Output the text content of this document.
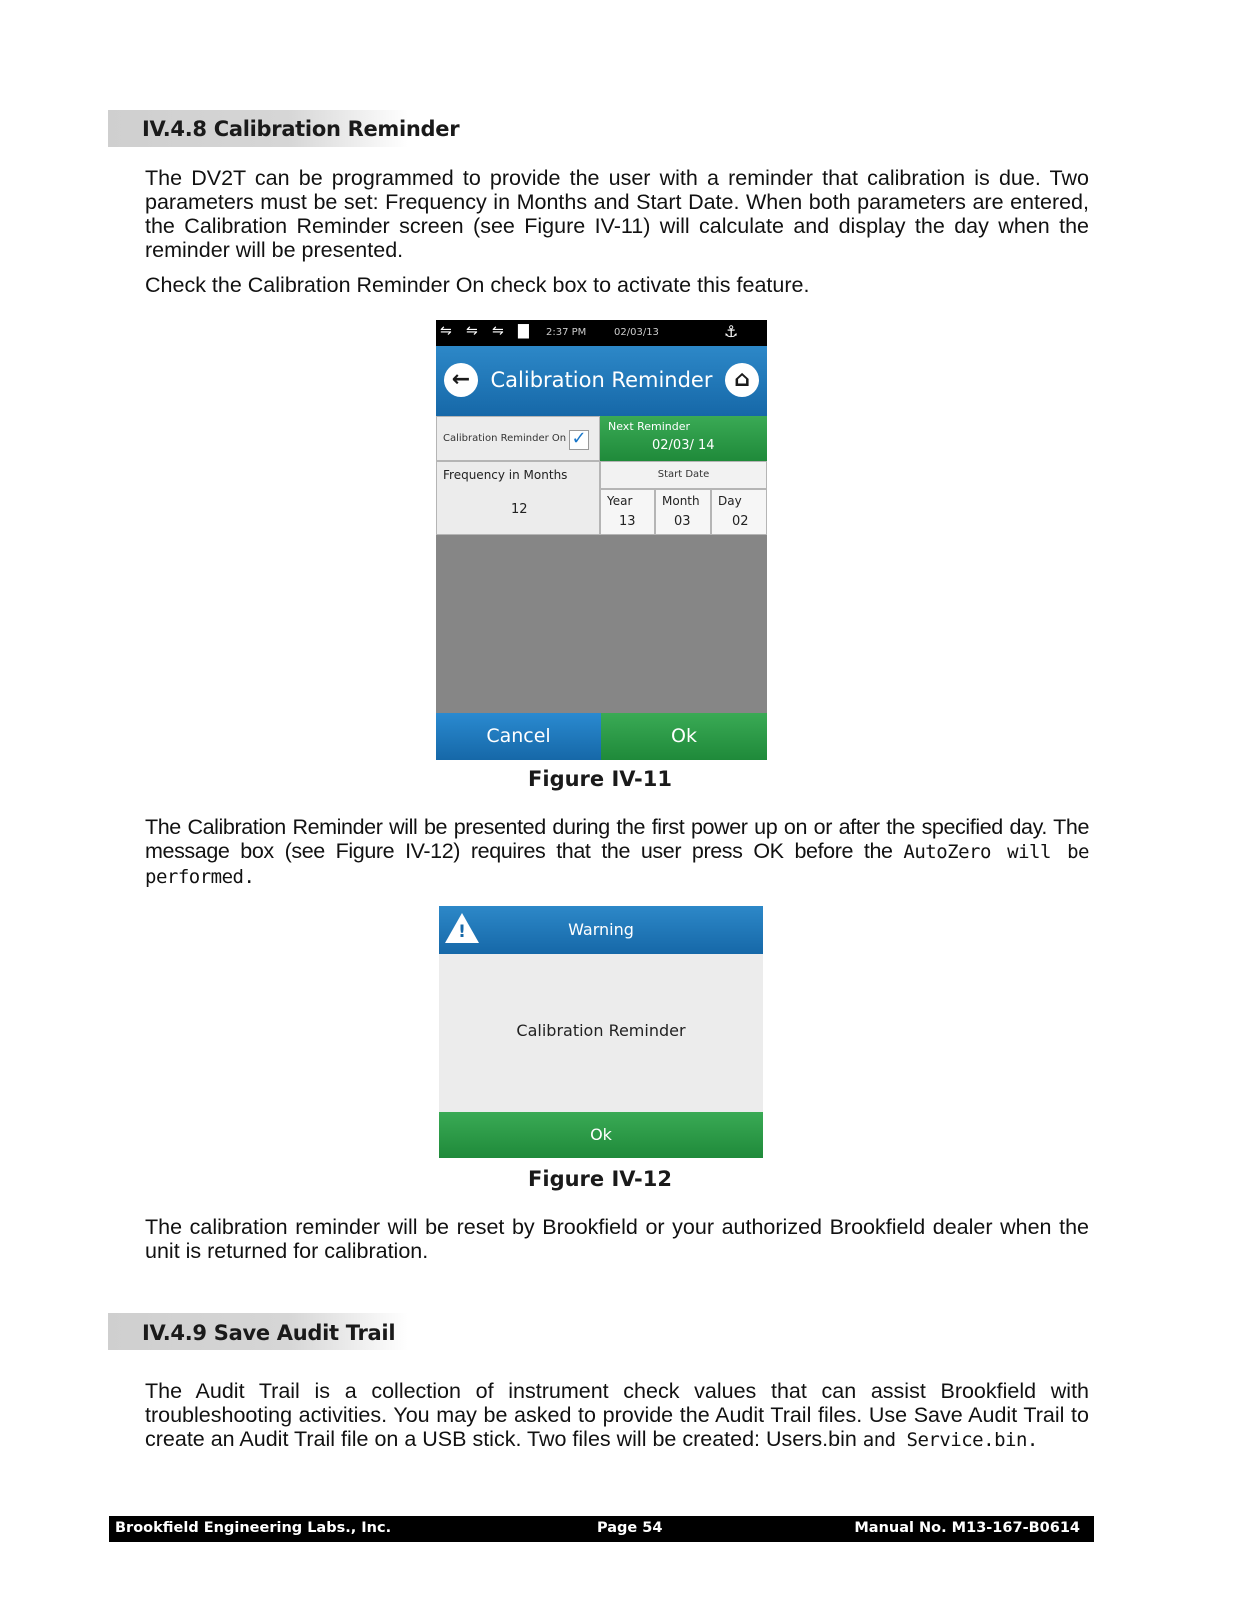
IV.4.8 Calibration Reminder

The DV2T can be programmed to provide the user with a reminder that calibration is due. Two parameters must be set: Frequency in Months and Start Date. When both parameters are entered, the Calibration Reminder screen (see Figure IV-11) will calculate and display the day when the reminder will be presented.

Check the Calibration Reminder On check box to activate this feature.

⇋ ⇋ ⇋ ▇ 2:37 PM	02/03/13	⚓
← Calibration Reminder ⌂
Calibration Reminder On ✓
Next Reminder
02/03/ 14
Frequency in Months
12
Start Date
Year
13
Month
03
Day
02
Cancel	Ok
Figure IV-11

The Calibration Reminder will be presented during the first power up on or after the specified day. The message box (see Figure IV-12) requires that the user press OK before the AutoZero will be performed.

!	Warning
Calibration Reminder
Ok
Figure IV-12

The calibration reminder will be reset by Brookfield or your authorized Brookfield dealer when the unit is returned for calibration.

IV.4.9 Save Audit Trail

The Audit Trail is a collection of instrument check values that can assist Brookfield with troubleshooting activities. You may be asked to provide the Audit Trail files. Use Save Audit Trail to create an Audit Trail file on a USB stick. Two files will be created: Users.bin and Service.bin.

Brookfield Engineering Labs., Inc.	Page 54	Manual No. M13-167-B0614
